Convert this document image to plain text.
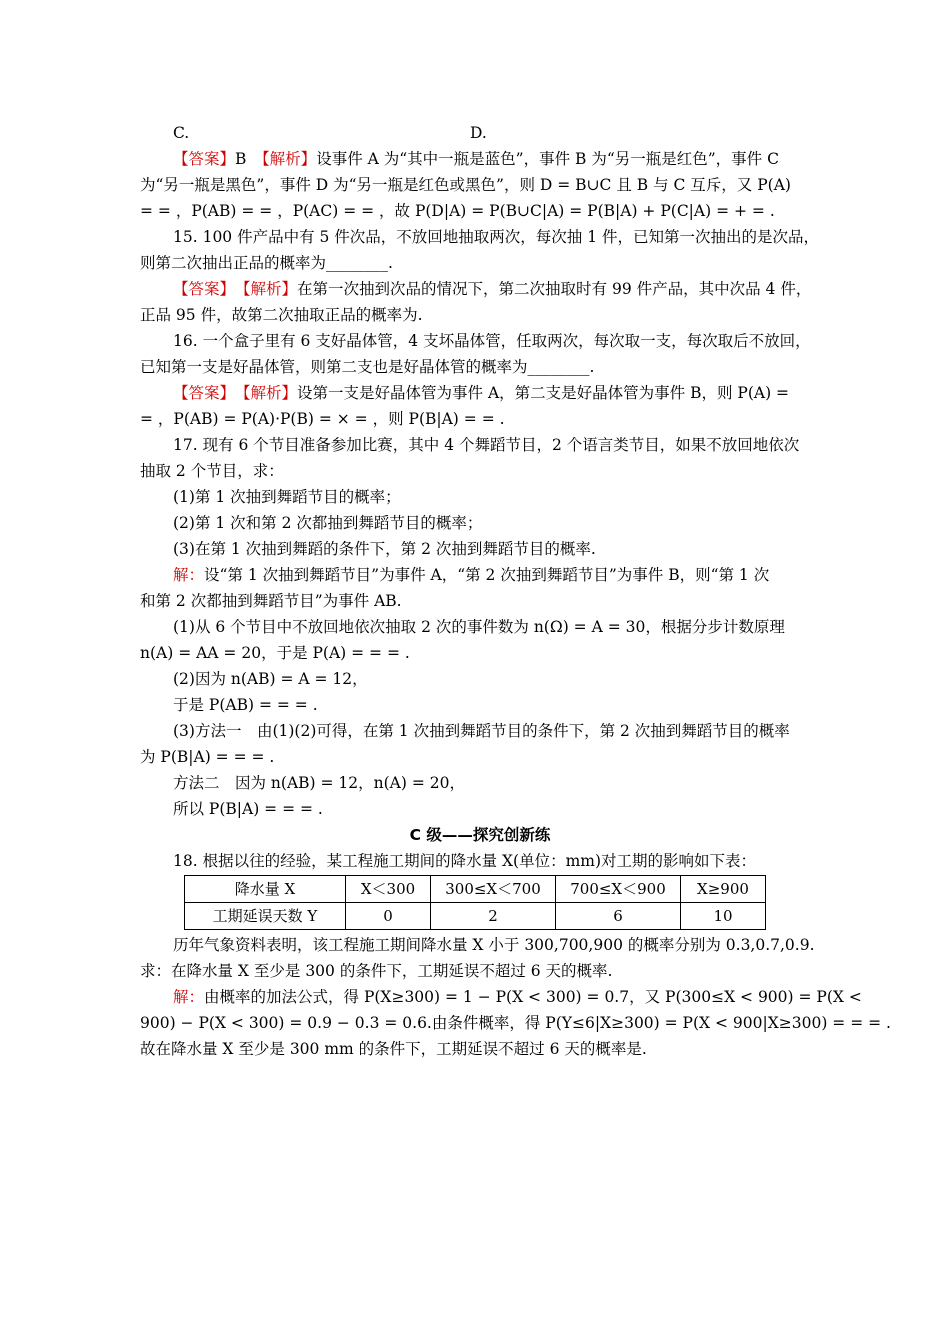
C.	D.
【答案】B　 【解析】设事件 A 为“其中一瓶是蓝色”，事件 B 为“另一瓶是红色”，事件 C
为“另一瓶是黑色”，事件 D 为“另一瓶是红色或黑色”，则 D = B∪C 且 B 与 C 互斥，又 P(A)
= = ，P(AB) = = ，P(AC) = = ，故 P(D|A) = P(B∪C|A) = P(B|A) + P(C|A) = + = .
15. 100 件产品中有 5 件次品，不放回地抽取两次，每次抽 1 件，已知第一次抽出的是次品，
则第二次抽出正品的概率为________.
【答案】　 【解析】在第一次抽到次品的情况下，第二次抽取时有 99 件产品，其中次品 4 件，
正品 95 件，故第二次抽取正品的概率为.
16. 一个盒子里有 6 支好晶体管，4 支坏晶体管，任取两次，每次取一支，每次取后不放回，
已知第一支是好晶体管，则第二支也是好晶体管的概率为________.
【答案】　 【解析】设第一支是好晶体管为事件 A，第二支是好晶体管为事件 B，则 P(A) =
= ，P(AB) = P(A)·P(B) = × = ，则 P(B|A) = = .
17. 现有 6 个节目准备参加比赛，其中 4 个舞蹈节目，2 个语言类节目，如果不放回地依次
抽取 2 个节目，求：
(1)第 1 次抽到舞蹈节目的概率；
(2)第 1 次和第 2 次都抽到舞蹈节目的概率；
(3)在第 1 次抽到舞蹈的条件下，第 2 次抽到舞蹈节目的概率.
解：设“第 1 次抽到舞蹈节目”为事件 A，“第 2 次抽到舞蹈节目”为事件 B，则“第 1 次
和第 2 次都抽到舞蹈节目”为事件 AB.
(1)从 6 个节目中不放回地依次抽取 2 次的事件数为 n(Ω) = A = 30，根据分步计数原理
n(A) = AA = 20，于是 P(A) = = = .
(2)因为 n(AB) = A = 12，
于是 P(AB) = = = .
(3)方法一　由(1)(2)可得，在第 1 次抽到舞蹈节目的条件下，第 2 次抽到舞蹈节目的概率
为 P(B|A) = = = .
方法二　因为 n(AB) = 12，n(A) = 20，
所以 P(B|A) = = = .
C 级——探究创新练
18. 根据以往的经验，某工程施工期间的降水量 X(单位：mm)对工期的影响如下表：
降水量 X	X＜300	300≤X＜700	700≤X＜900	X≥900
工期延误天数 Y	0	2	6	10
历年气象资料表明，该工程施工期间降水量 X 小于 300,700,900 的概率分别为 0.3,0.7,0.9.
求：在降水量 X 至少是 300 的条件下，工期延误不超过 6 天的概率.
解：由概率的加法公式，得 P(X≥300) = 1 − P(X < 300) = 0.7，又 P(300≤X < 900) = P(X <
900) − P(X < 300) = 0.9 − 0.3 = 0.6.由条件概率，得 P(Y≤6|X≥300) = P(X < 900|X≥300) = = = .
故在降水量 X 至少是 300 mm 的条件下，工期延误不超过 6 天的概率是.
